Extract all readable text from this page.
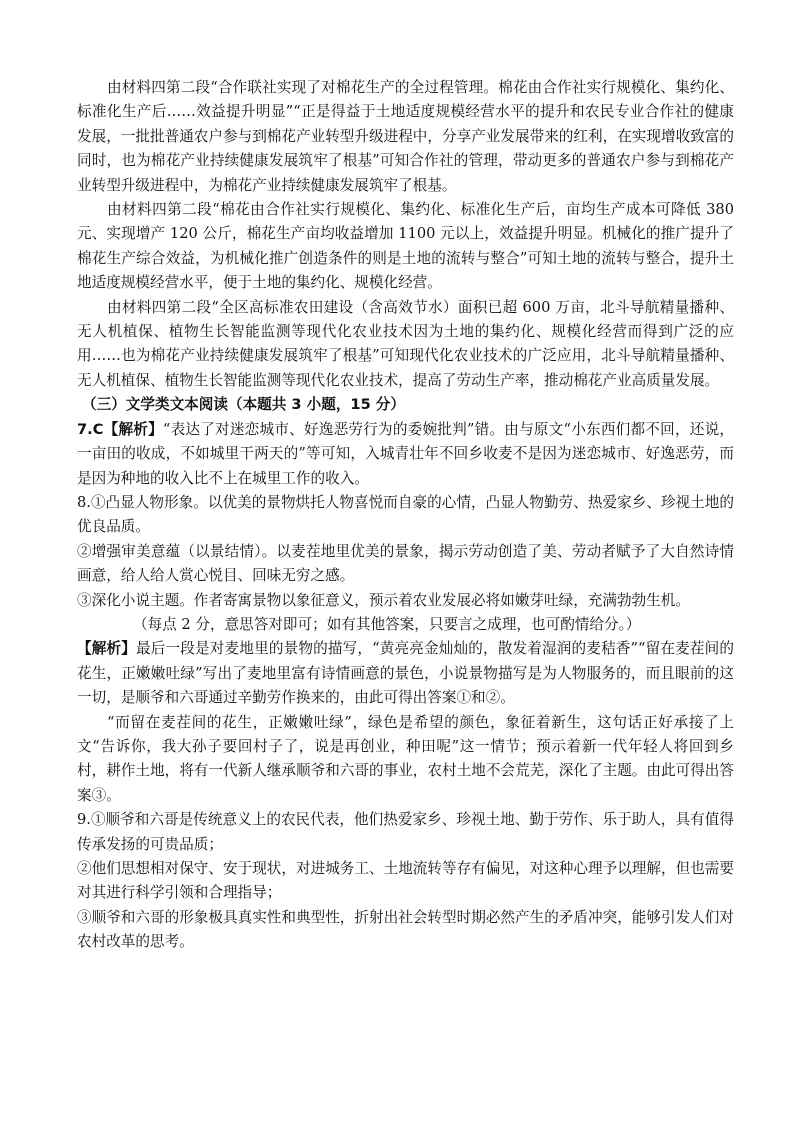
由材料四第二段“合作联社实现了对棉花生产的全过程管理。棉花由合作社实行规模化、集约化、标准化生产后……效益提升明显”“正是得益于土地适度规模经营水平的提升和农民专业合作社的健康发展，一批批普通农户参与到棉花产业转型升级进程中，分享产业发展带来的红利，在实现增收致富的同时，也为棉花产业持续健康发展筑牢了根基”可知合作社的管理，带动更多的普通农户参与到棉花产业转型升级进程中，为棉花产业持续健康发展筑牢了根基。

由材料四第二段“棉花由合作社实行规模化、集约化、标准化生产后，亩均生产成本可降低 380 元、实现增产 120 公斤，棉花生产亩均收益增加 1100 元以上，效益提升明显。机械化的推广提升了棉花生产综合效益，为机械化推广创造条件的则是土地的流转与整合”可知土地的流转与整合，提升土地适度规模经营水平，便于土地的集约化、规模化经营。

由材料四第二段“全区高标准农田建设（含高效节水）面积已超 600 万亩，北斗导航精量播种、无人机植保、植物生长智能监测等现代化农业技术因为土地的集约化、规模化经营而得到广泛的应用……也为棉花产业持续健康发展筑牢了根基”可知现代化农业技术的广泛应用，北斗导航精量播种、无人机植保、植物生长智能监测等现代化农业技术，提高了劳动生产率，推动棉花产业高质量发展。

（三）文学类文本阅读（本题共 3 小题，15 分）

7.C【解析】“表达了对迷恋城市、好逸恶劳行为的委婉批判”错。由与原文“小东西们都不回，还说，一亩田的收成，不如城里干两天的”等可知，入城青壮年不回乡收麦不是因为迷恋城市、好逸恶劳，而是因为种地的收入比不上在城里工作的收入。

8.①凸显人物形象。以优美的景物烘托人物喜悦而自豪的心情，凸显人物勤劳、热爱家乡、珍视土地的优良品质。

②增强审美意蕴（以景结情）。以麦茬地里优美的景象，揭示劳动创造了美、劳动者赋予了大自然诗情画意，给人给人赏心悦目、回味无穷之感。

③深化小说主题。作者寄寓景物以象征意义，预示着农业发展必将如嫩芽吐绿，充满勃勃生机。

（每点 2 分，意思答对即可；如有其他答案，只要言之成理，也可酌情给分。）

【解析】最后一段是对麦地里的景物的描写，“黄亮亮金灿灿的，散发着湿润的麦秸香”“留在麦茬间的花生，正嫩嫩吐绿”写出了麦地里富有诗情画意的景色，小说景物描写是为人物服务的，而且眼前的这一切，是顺爷和六哥通过辛勤劳作换来的，由此可得出答案①和②。

“而留在麦茬间的花生，正嫩嫩吐绿”，绿色是希望的颜色，象征着新生，这句话正好承接了上文“告诉你，我大孙子要回村子了，说是再创业，种田呢”这一情节；预示着新一代年轻人将回到乡村，耕作土地，将有一代新人继承顺爷和六哥的事业，农村土地不会荒芜，深化了主题。由此可得出答案③。

9.①顺爷和六哥是传统意义上的农民代表，他们热爱家乡、珍视土地、勤于劳作、乐于助人，具有值得传承发扬的可贵品质；

②他们思想相对保守、安于现状，对进城务工、土地流转等存有偏见，对这种心理予以理解，但也需要对其进行科学引领和合理指导；

③顺爷和六哥的形象极具真实性和典型性，折射出社会转型时期必然产生的矛盾冲突，能够引发人们对农村改革的思考。
